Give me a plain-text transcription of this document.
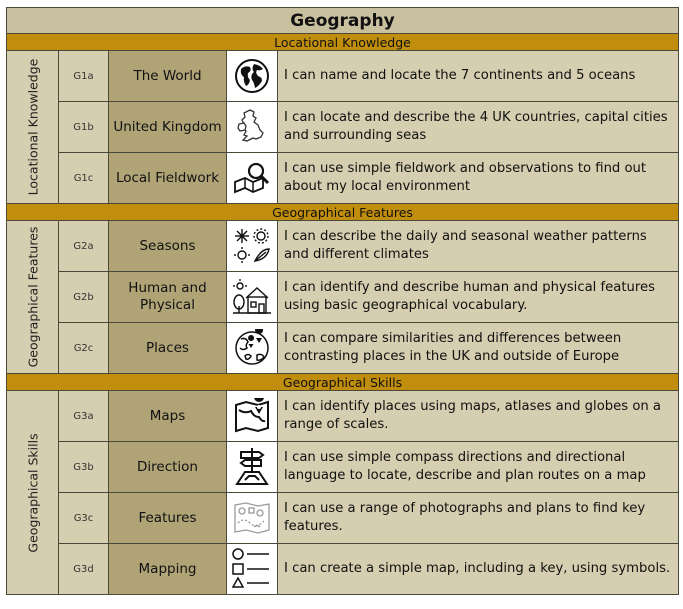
Geography				
Locational Knowledge				

Locational Knowledge	G1a	The World		I can name and locate the 7 continents and 5 oceans
	G1b	United Kingdom		I can locate and describe the 4 UK countries, capital cities and surrounding seas
	G1c	Local Fieldwork		I can use simple fieldwork and observations to find out about my local environment
Geographical Features				

Geographical Features	G2a	Seasons		I can describe the daily and seasonal weather patterns and different climates
	G2b	Human and Physical		I can identify and describe human and physical features using basic geographical vocabulary.
	G2c	Places		I can compare similarities and differences between contrasting places in the UK and outside of Europe
Geographical Skills				

Geographical Skills	G3a	Maps		I can identify places using maps, atlases and globes on a range of scales.
	G3b	Direction		I can use simple compass directions and directional language to locate, describe and plan routes on a map
	G3c	Features		I can use a range of photographs and plans to find key features.
	G3d	Mapping		I can create a simple map, including a key, using symbols.
